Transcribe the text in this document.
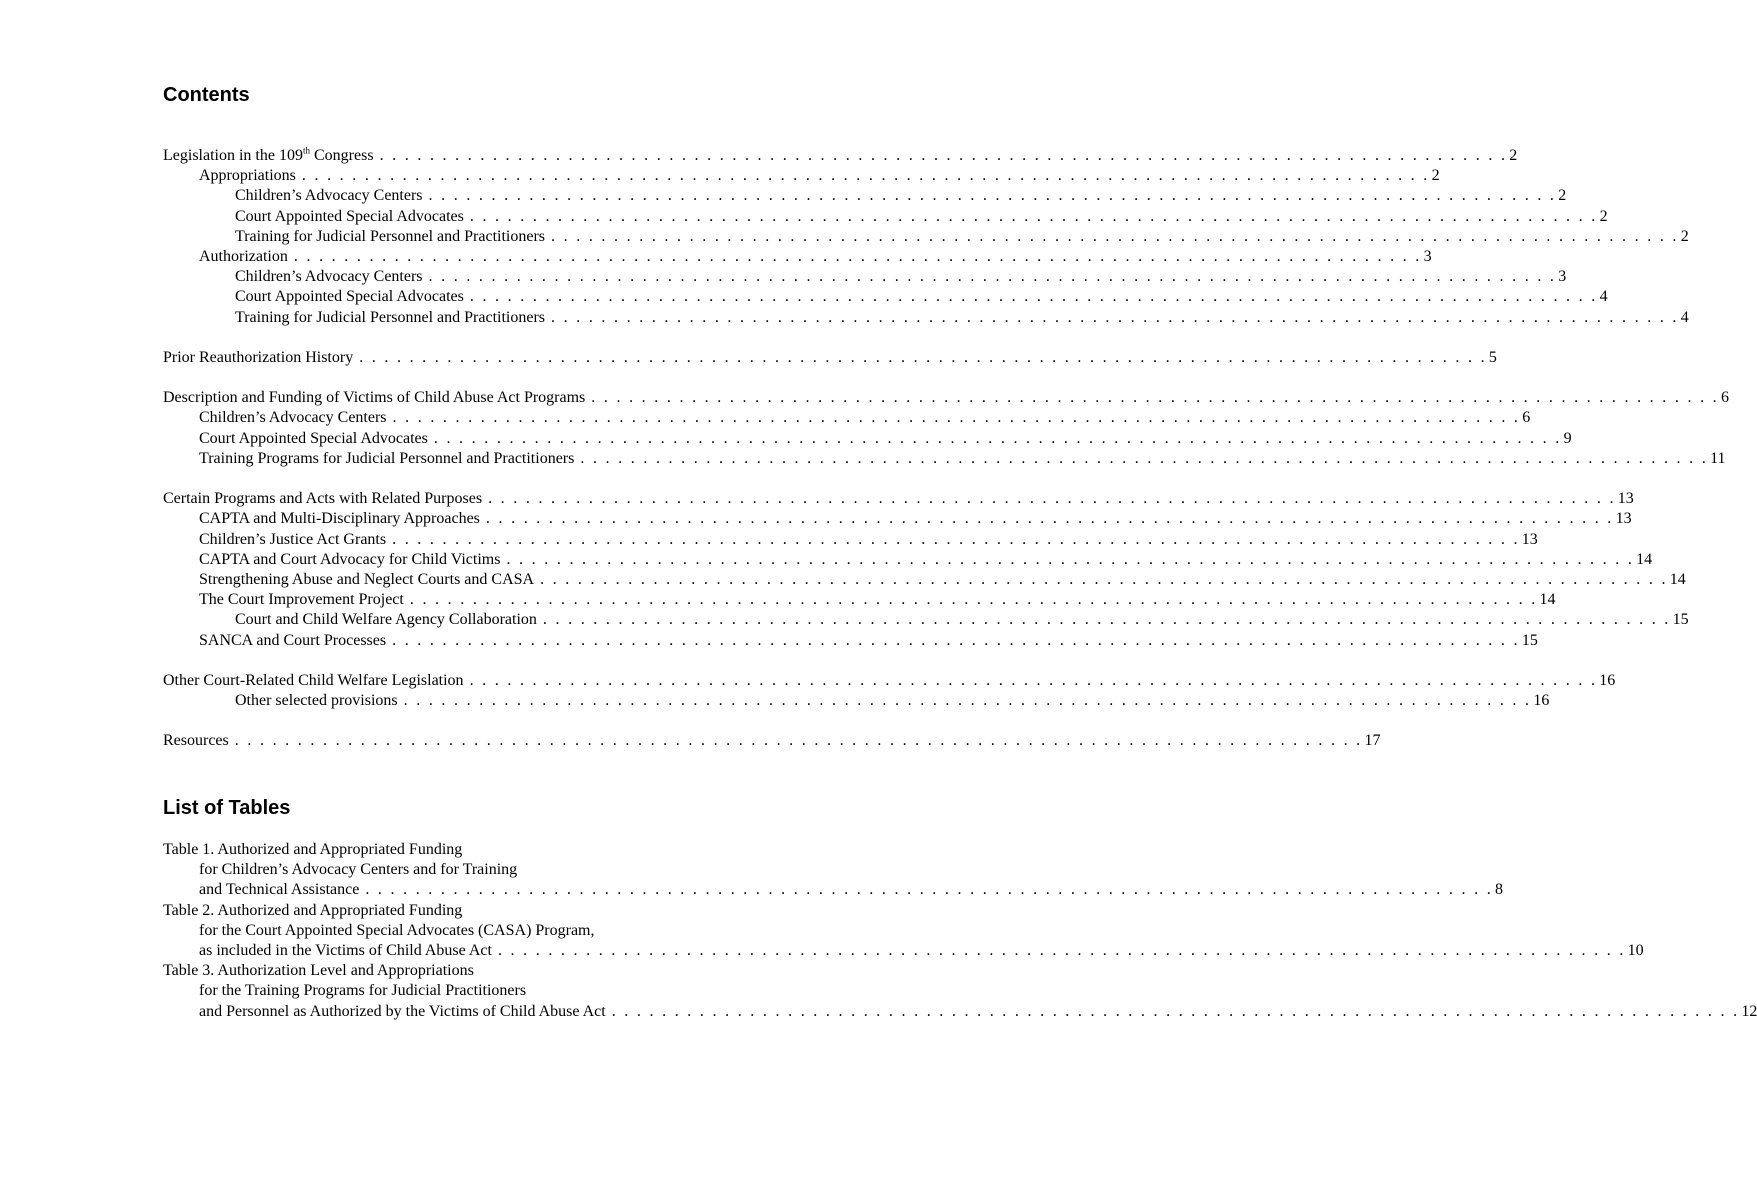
Contents
Legislation in the 109th Congress . . . . . . . . . . . . . . . . . . . . . . . . . . . . . . . . . . . . . . . . . . . . . . . . . . . . . . . . . . . . . . . . . . . . . . . . . . . . . . . . . . . . . . . . . . 2
Appropriations . . . . . . . . . . . . . . . . . . . . . . . . . . . . . . . . . . . . . . . . . . . . . . . . . . . . . . . . . . . . . . . . . . . . . . . . . . . . . . . . . . . . . . . . . . 2
Children’s Advocacy Centers . . . . . . . . . . . . . . . . . . . . . . . . . . . . . . . . . . . . . . . . . . . . . . . . . . . . . . . . . . . . . . . . . . . . . . . . . . . . . . . . . . . . . . . . . . 2
Court Appointed Special Advocates . . . . . . . . . . . . . . . . . . . . . . . . . . . . . . . . . . . . . . . . . . . . . . . . . . . . . . . . . . . . . . . . . . . . . . . . . . . . . . . . . . . . . . . . . . 2
Training for Judicial Personnel and Practitioners . . . . . . . . . . . . . . . . . . . . . . . . . . . . . . . . . . . . . . . . . . . . . . . . . . . . . . . . . . . . . . . . . . . . . . . . . . . . . . . . . . . . . . . . . . 2
Authorization . . . . . . . . . . . . . . . . . . . . . . . . . . . . . . . . . . . . . . . . . . . . . . . . . . . . . . . . . . . . . . . . . . . . . . . . . . . . . . . . . . . . . . . . . . 3
Children’s Advocacy Centers . . . . . . . . . . . . . . . . . . . . . . . . . . . . . . . . . . . . . . . . . . . . . . . . . . . . . . . . . . . . . . . . . . . . . . . . . . . . . . . . . . . . . . . . . . 3
Court Appointed Special Advocates . . . . . . . . . . . . . . . . . . . . . . . . . . . . . . . . . . . . . . . . . . . . . . . . . . . . . . . . . . . . . . . . . . . . . . . . . . . . . . . . . . . . . . . . . . 4
Training for Judicial Personnel and Practitioners . . . . . . . . . . . . . . . . . . . . . . . . . . . . . . . . . . . . . . . . . . . . . . . . . . . . . . . . . . . . . . . . . . . . . . . . . . . . . . . . . . . . . . . . . . 4
Prior Reauthorization History . . . . . . . . . . . . . . . . . . . . . . . . . . . . . . . . . . . . . . . . . . . . . . . . . . . . . . . . . . . . . . . . . . . . . . . . . . . . . . . . . . . . . . . . . . 5
Description and Funding of Victims of Child Abuse Act Programs . . . . . . . . . . . . . . . . . . . . . . . . . . . . . . . . . . . . . . . . . . . . . . . . . . . . . . . . . . . . . . . . . . . . . . . . . . . . . . . . . . . . . . . . . . 6
Children’s Advocacy Centers . . . . . . . . . . . . . . . . . . . . . . . . . . . . . . . . . . . . . . . . . . . . . . . . . . . . . . . . . . . . . . . . . . . . . . . . . . . . . . . . . . . . . . . . . . 6
Court Appointed Special Advocates . . . . . . . . . . . . . . . . . . . . . . . . . . . . . . . . . . . . . . . . . . . . . . . . . . . . . . . . . . . . . . . . . . . . . . . . . . . . . . . . . . . . . . . . . . 9
Training Programs for Judicial Personnel and Practitioners . . . . . . . . . . . . . . . . . . . . . . . . . . . . . . . . . . . . . . . . . . . . . . . . . . . . . . . . . . . . . . . . . . . . . . . . . . . . . . . . . . . . . . . . . . 11
Certain Programs and Acts with Related Purposes . . . . . . . . . . . . . . . . . . . . . . . . . . . . . . . . . . . . . . . . . . . . . . . . . . . . . . . . . . . . . . . . . . . . . . . . . . . . . . . . . . . . . . . . . . 13
CAPTA and Multi-Disciplinary Approaches . . . . . . . . . . . . . . . . . . . . . . . . . . . . . . . . . . . . . . . . . . . . . . . . . . . . . . . . . . . . . . . . . . . . . . . . . . . . . . . . . . . . . . . . . . 13
Children’s Justice Act Grants . . . . . . . . . . . . . . . . . . . . . . . . . . . . . . . . . . . . . . . . . . . . . . . . . . . . . . . . . . . . . . . . . . . . . . . . . . . . . . . . . . . . . . . . . . 13
CAPTA and Court Advocacy for Child Victims . . . . . . . . . . . . . . . . . . . . . . . . . . . . . . . . . . . . . . . . . . . . . . . . . . . . . . . . . . . . . . . . . . . . . . . . . . . . . . . . . . . . . . . . . . 14
Strengthening Abuse and Neglect Courts and CASA . . . . . . . . . . . . . . . . . . . . . . . . . . . . . . . . . . . . . . . . . . . . . . . . . . . . . . . . . . . . . . . . . . . . . . . . . . . . . . . . . . . . . . . . . . 14
The Court Improvement Project . . . . . . . . . . . . . . . . . . . . . . . . . . . . . . . . . . . . . . . . . . . . . . . . . . . . . . . . . . . . . . . . . . . . . . . . . . . . . . . . . . . . . . . . . . 14
Court and Child Welfare Agency Collaboration . . . . . . . . . . . . . . . . . . . . . . . . . . . . . . . . . . . . . . . . . . . . . . . . . . . . . . . . . . . . . . . . . . . . . . . . . . . . . . . . . . . . . . . . . . 15
SANCA and Court Processes . . . . . . . . . . . . . . . . . . . . . . . . . . . . . . . . . . . . . . . . . . . . . . . . . . . . . . . . . . . . . . . . . . . . . . . . . . . . . . . . . . . . . . . . . . 15
Other Court-Related Child Welfare Legislation . . . . . . . . . . . . . . . . . . . . . . . . . . . . . . . . . . . . . . . . . . . . . . . . . . . . . . . . . . . . . . . . . . . . . . . . . . . . . . . . . . . . . . . . . . 16
Other selected provisions . . . . . . . . . . . . . . . . . . . . . . . . . . . . . . . . . . . . . . . . . . . . . . . . . . . . . . . . . . . . . . . . . . . . . . . . . . . . . . . . . . . . . . . . . . 16
Resources . . . . . . . . . . . . . . . . . . . . . . . . . . . . . . . . . . . . . . . . . . . . . . . . . . . . . . . . . . . . . . . . . . . . . . . . . . . . . . . . . . . . . . . . . . 17
List of Tables
Table 1. Authorized and Appropriated Funding
for Children’s Advocacy Centers and for Training
and Technical Assistance . . . . . . . . . . . . . . . . . . . . . . . . . . . . . . . . . . . . . . . . . . . . . . . . . . . . . . . . . . . . . . . . . . . . . . . . . . . . . . . . . . . . . . . . . . 8
Table 2. Authorized and Appropriated Funding
for the Court Appointed Special Advocates (CASA) Program,
as included in the Victims of Child Abuse Act . . . . . . . . . . . . . . . . . . . . . . . . . . . . . . . . . . . . . . . . . . . . . . . . . . . . . . . . . . . . . . . . . . . . . . . . . . . . . . . . . . . . . . . . . . 10
Table 3. Authorization Level and Appropriations
for the Training Programs for Judicial Practitioners
and Personnel as Authorized by the Victims of Child Abuse Act . . . . . . . . . . . . . . . . . . . . . . . . . . . . . . . . . . . . . . . . . . . . . . . . . . . . . . . . . . . . . . . . . . . . . . . . . . . . . . . . . . . . . . . . . . 12
